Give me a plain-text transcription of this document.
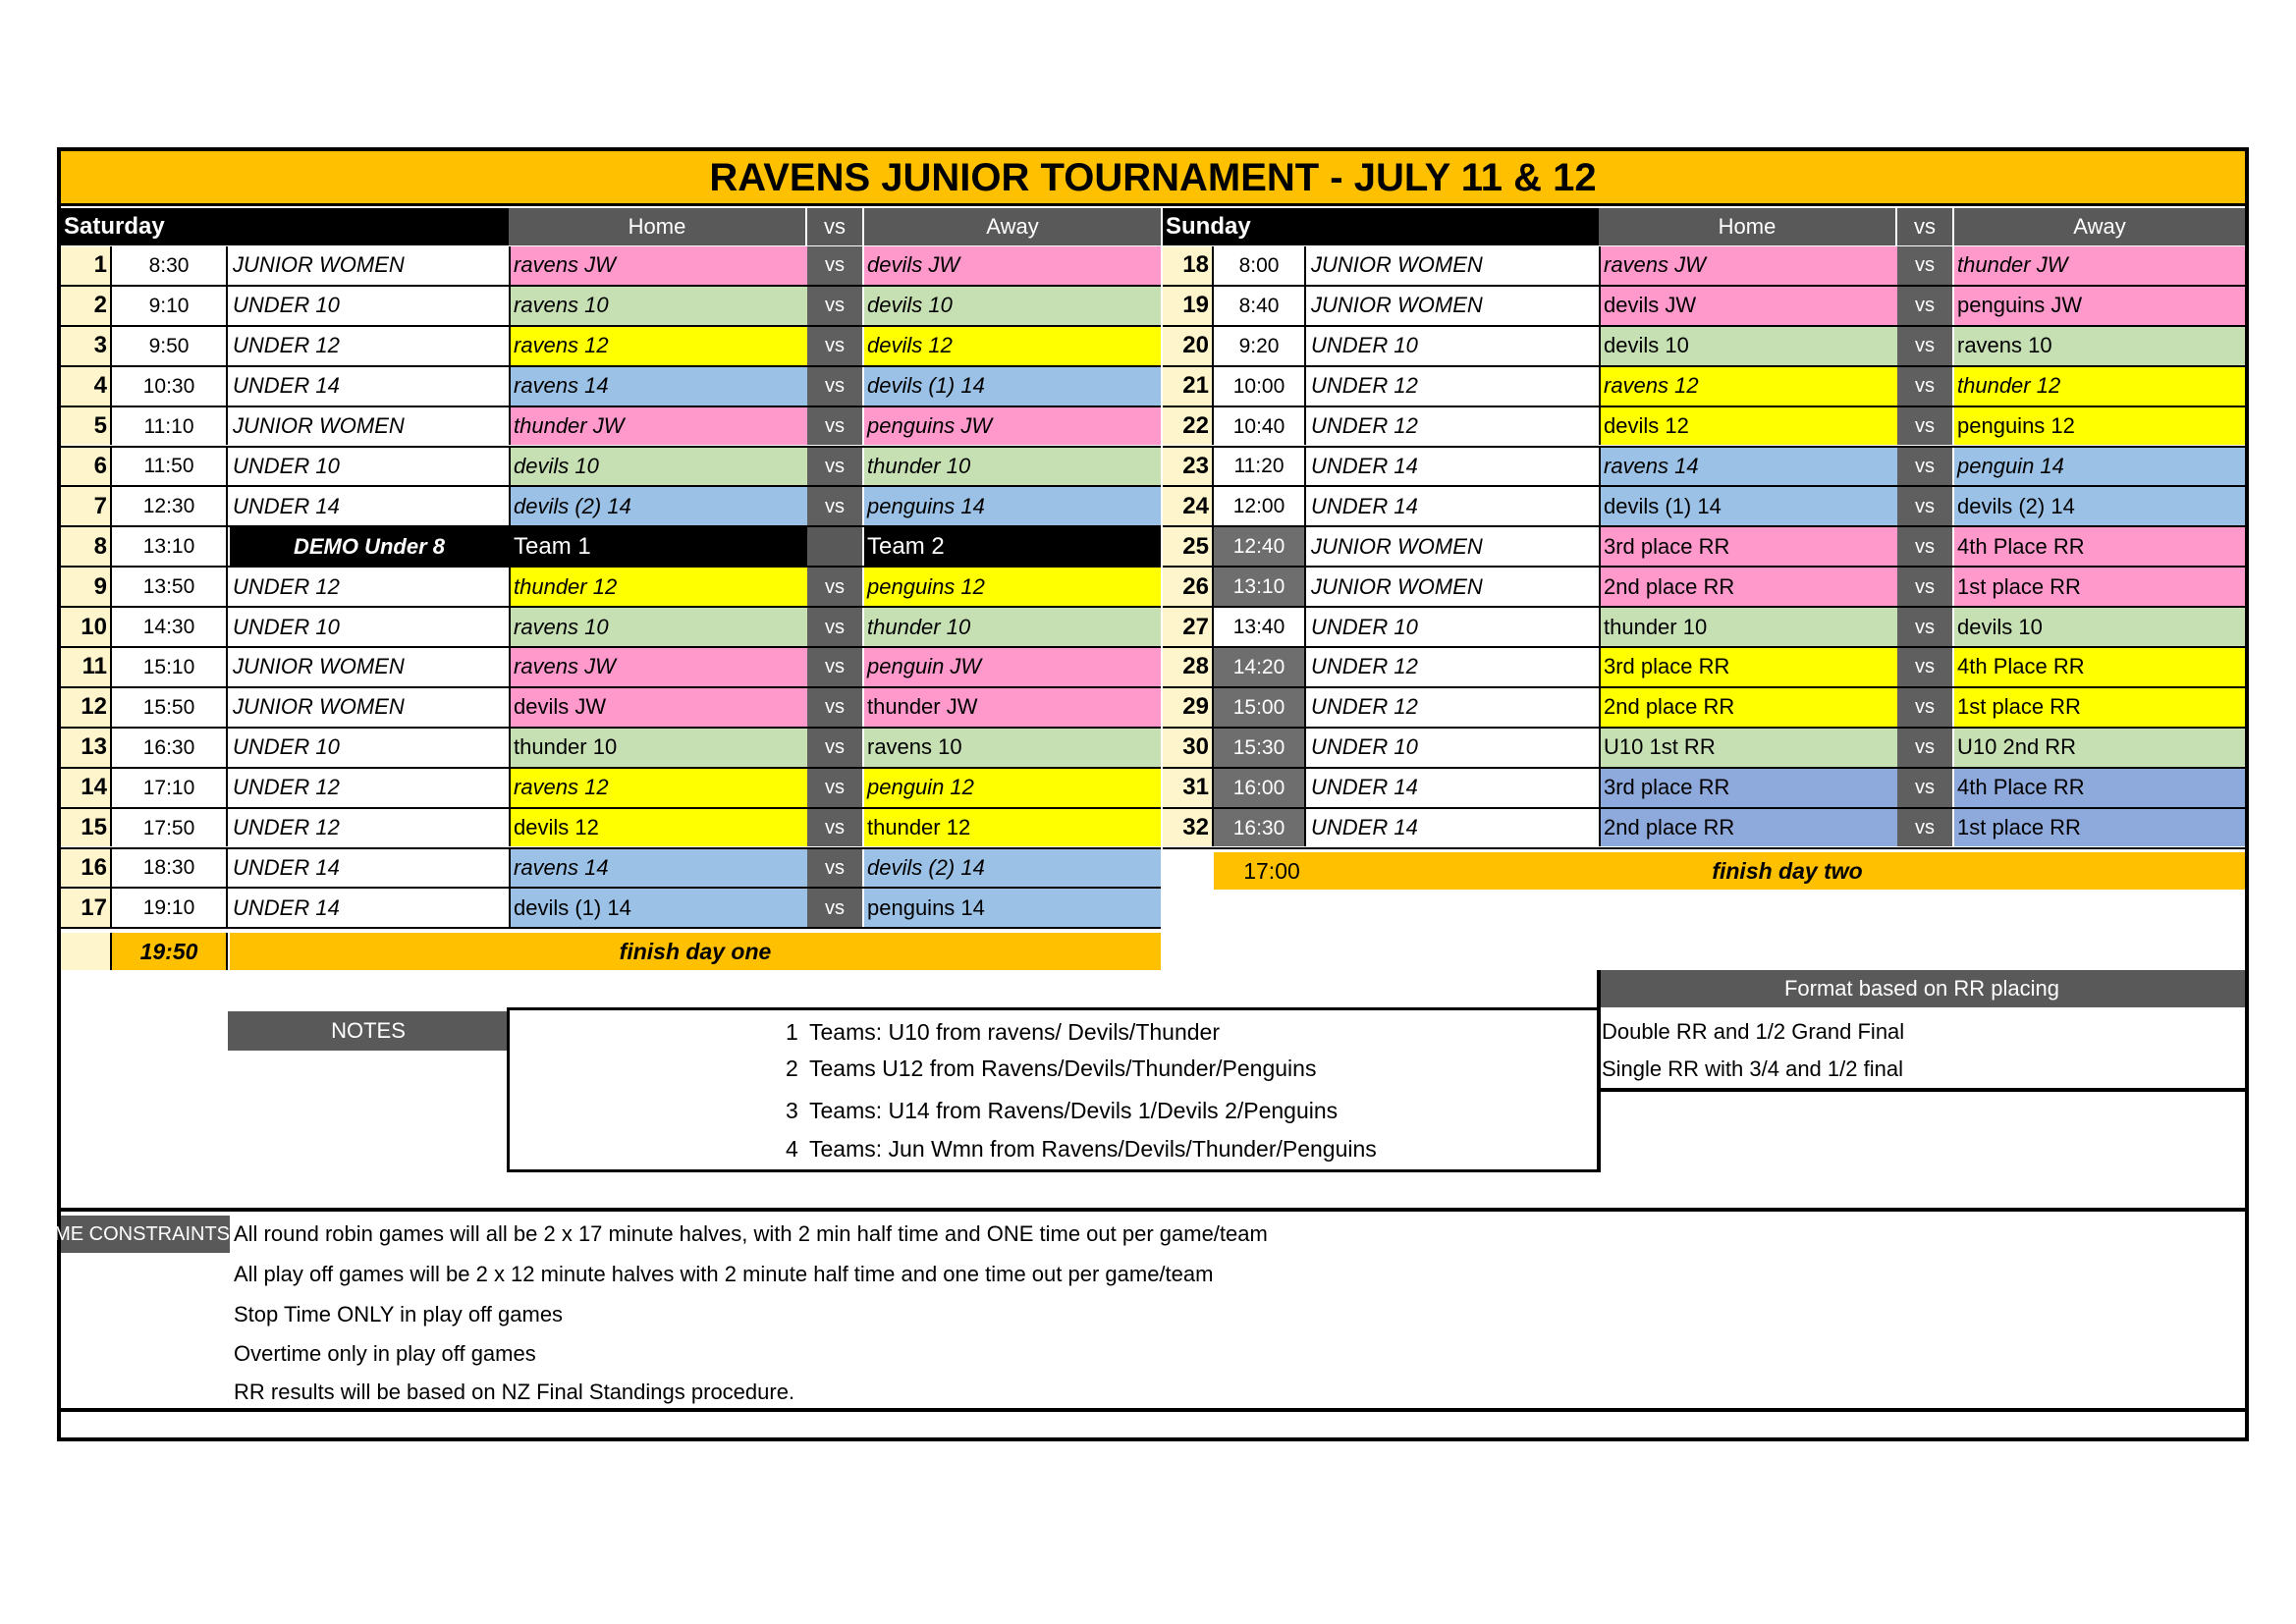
RAVENS JUNIOR TOURNAMENT - JULY 11 & 12
Saturday	Home	vs	Away	Sunday	Home	vs	Away
1	8:30	JUNIOR WOMEN	ravens JW	vs	devils JW
2	9:10	UNDER 10	ravens 10	vs	devils 10
3	9:50	UNDER 12	ravens 12	vs	devils 12
4	10:30	UNDER 14	ravens 14	vs	devils (1) 14
5	11:10	JUNIOR WOMEN	thunder JW	vs	penguins JW
6	11:50	UNDER 10	devils 10	vs	thunder 10
7	12:30	UNDER 14	devils (2) 14	vs	penguins 14
8	13:10	DEMO Under 8	Team 1	Team 2
9	13:50	UNDER 12	thunder 12	vs	penguins 12
10	14:30	UNDER 10	ravens 10	vs	thunder 10
11	15:10	JUNIOR WOMEN	ravens JW	vs	penguin JW
12	15:50	JUNIOR WOMEN	devils JW	vs	thunder JW
13	16:30	UNDER 10	thunder 10	vs	ravens 10
14	17:10	UNDER 12	ravens 12	vs	penguin 12
15	17:50	UNDER 12	devils 12	vs	thunder 12
16	18:30	UNDER 14	ravens 14	vs	devils (2) 14
17	19:10	UNDER 14	devils (1) 14	vs	penguins 14
18	8:00	JUNIOR WOMEN	ravens JW	vs	thunder JW
19	8:40	JUNIOR WOMEN	devils JW	vs	penguins JW
20	9:20	UNDER 10	devils 10	vs	ravens 10
21	10:00	UNDER 12	ravens 12	vs	thunder 12
22	10:40	UNDER 12	devils 12	vs	penguins 12
23	11:20	UNDER 14	ravens 14	vs	penguin 14
24	12:00	UNDER 14	devils (1) 14	vs	devils (2) 14
25	12:40	JUNIOR WOMEN	3rd place RR	vs	4th Place RR
26	13:10	JUNIOR WOMEN	2nd place RR	vs	1st place RR
27	13:40	UNDER 10	thunder 10	vs	devils 10
28	14:20	UNDER 12	3rd place RR	vs	4th Place RR
29	15:00	UNDER 12	2nd place RR	vs	1st place RR
30	15:30	UNDER 10	U10 1st RR	vs	U10 2nd RR
31	16:00	UNDER 14	3rd place RR	vs	4th Place RR
32	16:30	UNDER 14	2nd place RR	vs	1st place RR
19:50	finish day one
17:00	finish day two
Format based on RR placing
Double RR and 1/2 Grand Final
Single RR with 3/4 and 1/2 final
NOTES	1 Teams: U10 from ravens/ Devils/Thunder
2 Teams U12 from Ravens/Devils/Thunder/Penguins
3 Teams: U14 from Ravens/Devils 1/Devils 2/Penguins
4 Teams: Jun Wmn from Ravens/Devils/Thunder/Penguins
TIME CONSTRAINTS All round robin games will all be 2 x 17 minute halves, with 2 min half time and ONE time out per game/team
All play off games will be 2 x 12 minute halves with 2 minute half time and one time out per game/team
Stop Time ONLY in play off games
Overtime only in play off games
RR results will be based on NZ Final Standings procedure.
